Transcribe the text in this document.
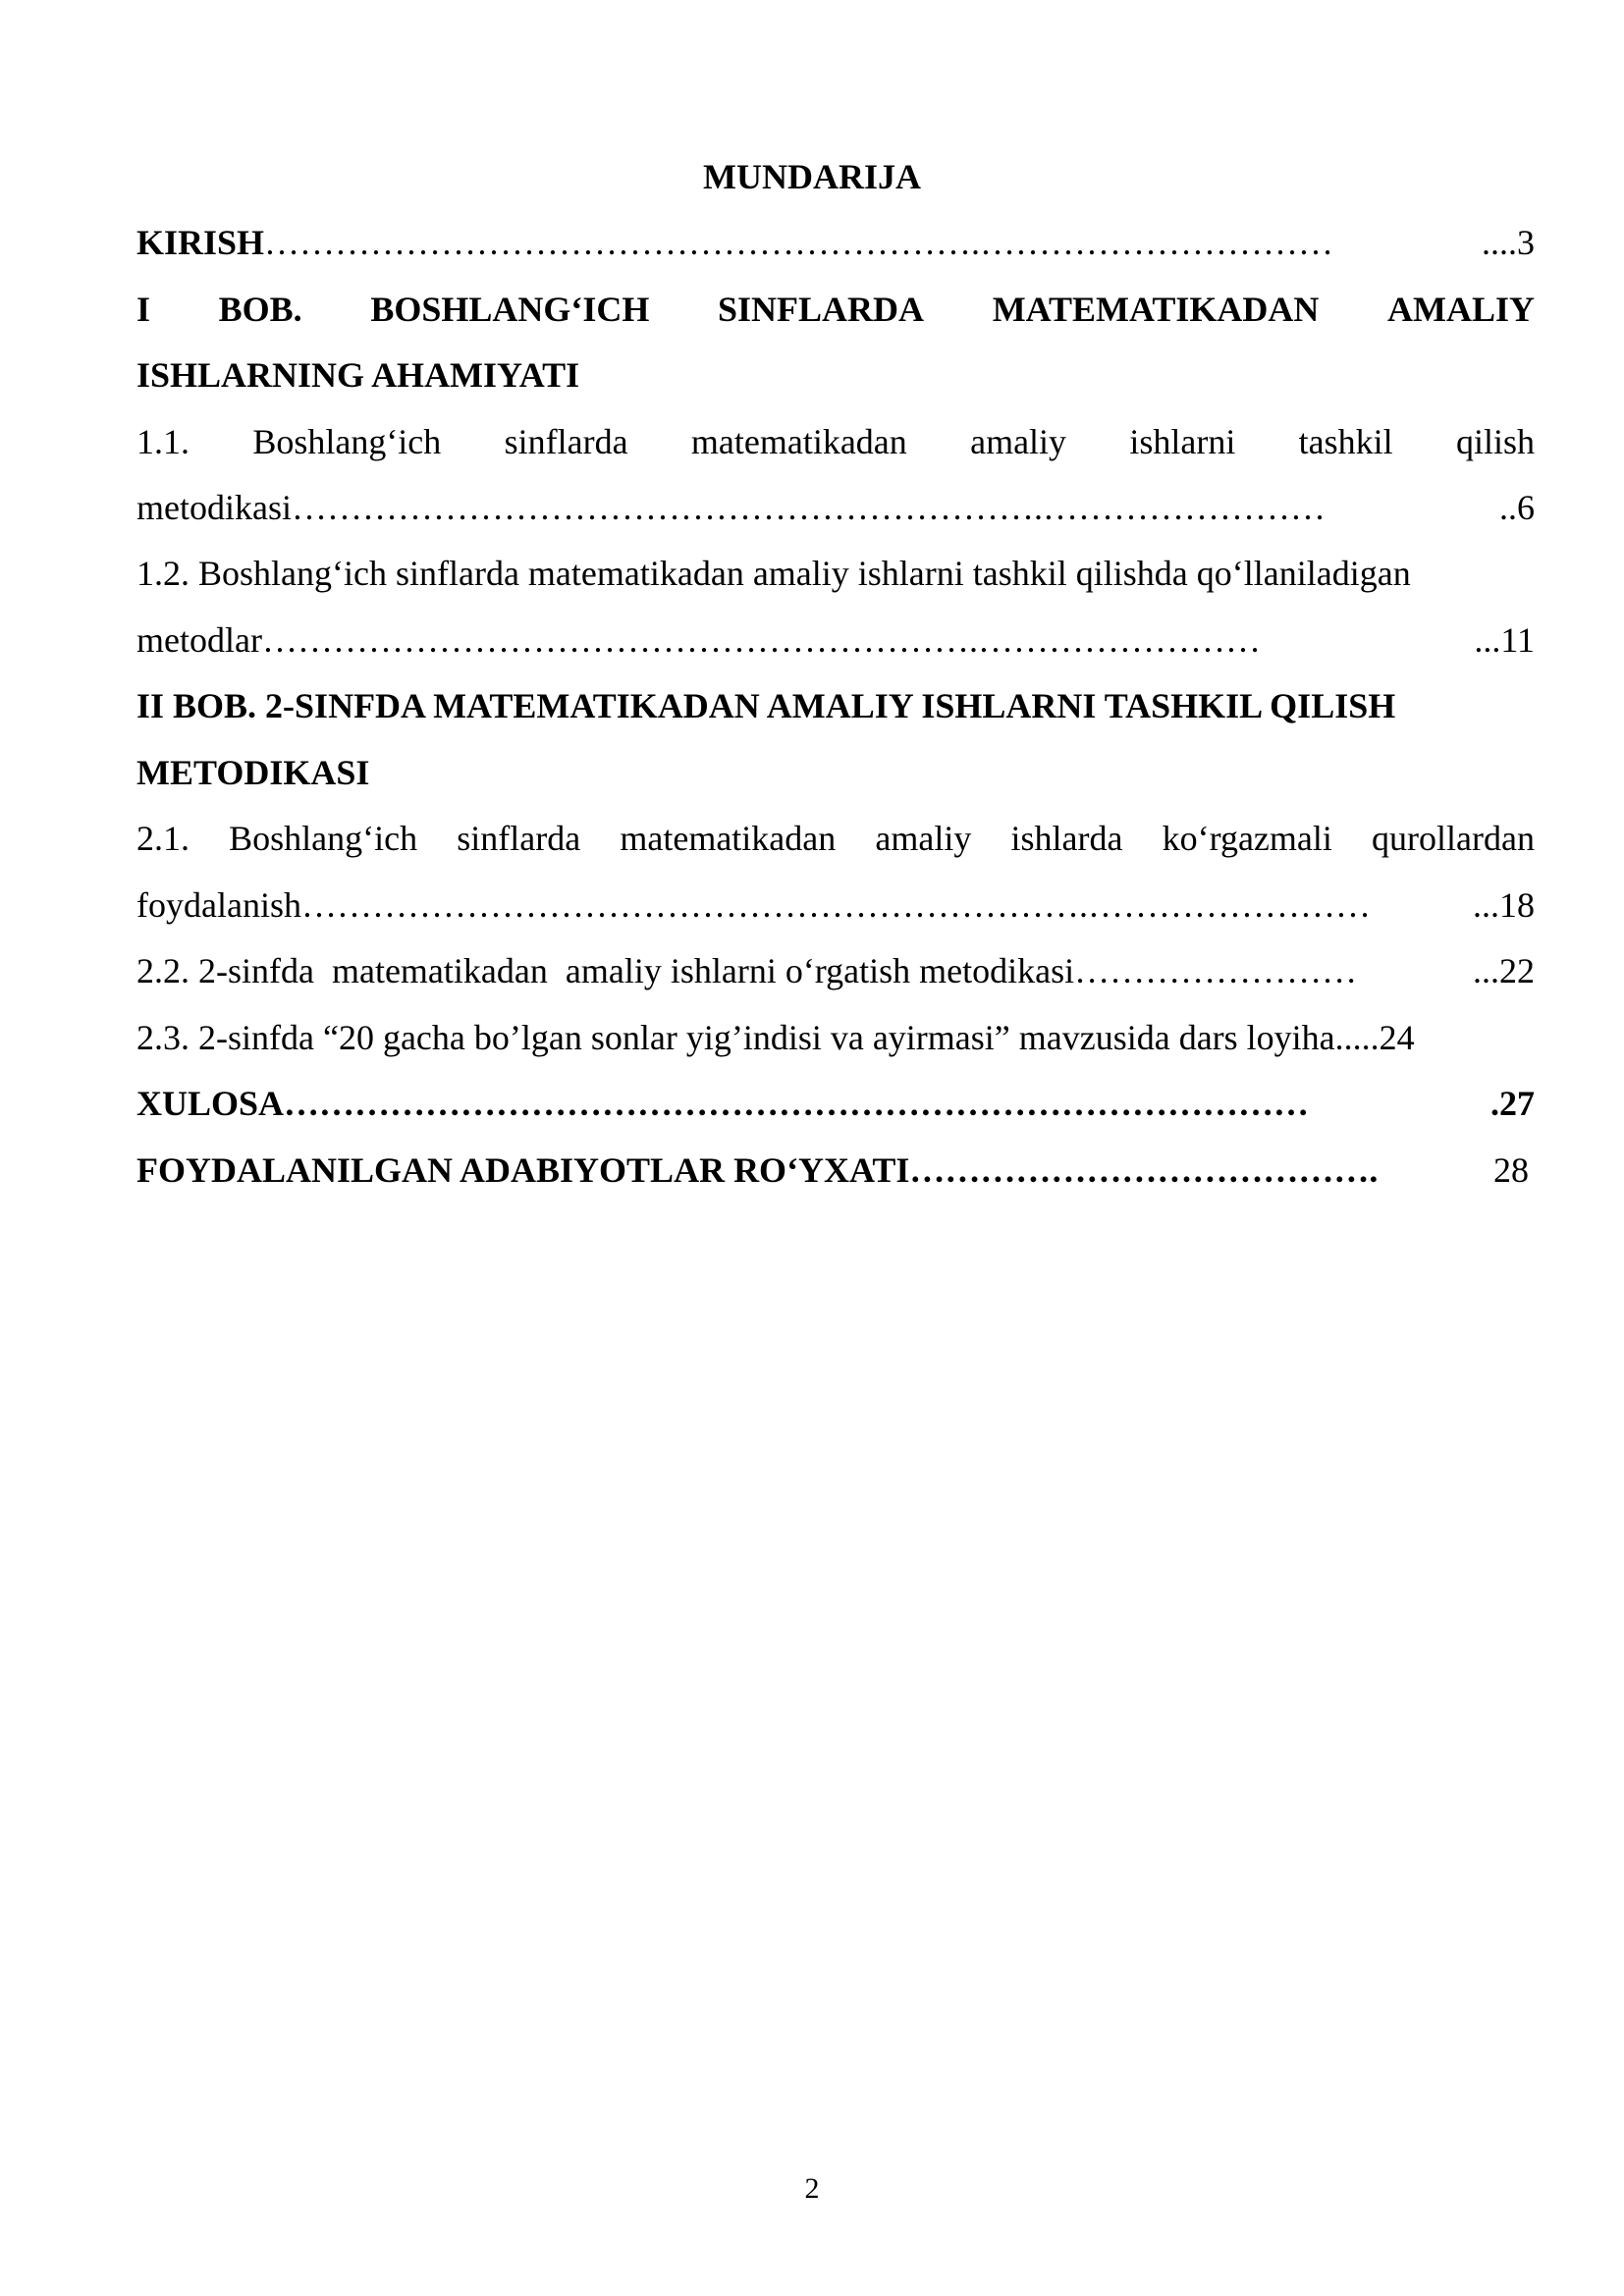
MUNDARIJA
KIRISH …………………………………………………….…………………………	....3
I BOB. BOSHLANG‘ICH SINFLARDA MATEMATIKADAN AMALIY
ISHLARNING AHAMIYATI
1.1. Boshlang‘ich sinflarda matematikadan amaliy ishlarni tashkil qilish
metodikasi ……………………………………………………….……………………	..6
1.2. Boshlang‘ich sinflarda matematikadan amaliy ishlarni tashkil qilishda qo‘llaniladigan
metodlar …………………………………………………….……………………	...11
II BOB. 2-SINFDA MATEMATIKADAN AMALIY ISHLARNI TASHKIL QILISH
METODIKASI
2.1. Boshlang‘ich sinflarda matematikadan amaliy ishlarda ko‘rgazmali qurollardan
foydalanish ………………………………………………………….……………………	...18
2.2. 2-sinfda  matematikadan  amaliy ishlarni o‘rgatish metodikasi ……………………	...22
2.3. 2-sinfda “20 gacha bo’lgan sonlar yig’indisi va ayirmasi” mavzusida dars loyiha.....24
XULOSA ……………………………………………………………………………	.27
FOYDALANILGAN ADABIYOTLAR RO‘YXATI ………………………………….	28
2
